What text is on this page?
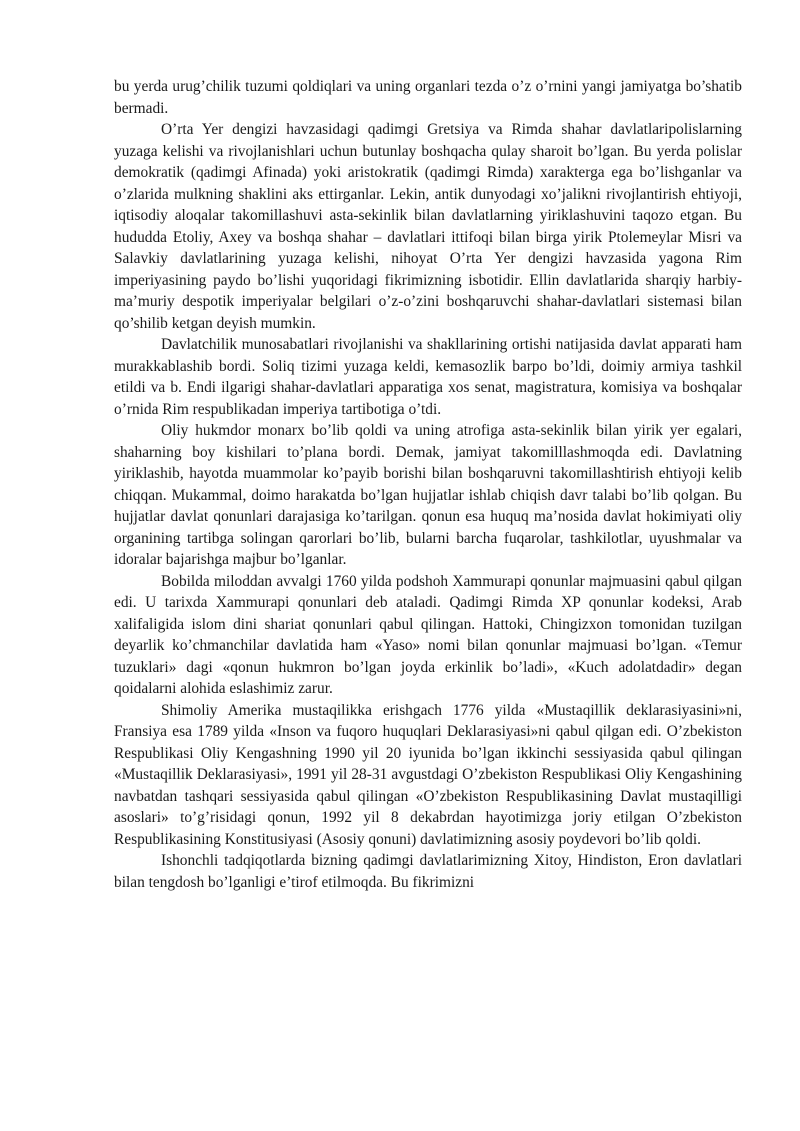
bu yerda urug’chilik tuzumi qoldiqlari va uning organlari tezda o’z o’rnini yangi jamiyatga bo’shatib bermadi.

O’rta Yer dengizi havzasidagi qadimgi Gretsiya va Rimda shahar davlatlaripolislarning yuzaga kelishi va rivojlanishlari uchun butunlay boshqacha qulay sharoit bo’lgan. Bu yerda polislar demokratik (qadimgi Afinada) yoki aristokratik (qadimgi Rimda) xarakterga ega bo’lishganlar va o’zlarida mulkning shaklini aks ettirganlar. Lekin, antik dunyodagi xo’jalikni rivojlantirish ehtiyoji, iqtisodiy aloqalar takomillashuvi asta-sekinlik bilan davlatlarning yiriklashuvini taqozo etgan. Bu hududda Etoliy, Axey va boshqa shahar – davlatlari ittifoqi bilan birga yirik Ptolemeylar Misri va Salavkiy davlatlarining yuzaga kelishi, nihoyat O’rta Yer dengizi havzasida yagona Rim imperiyasining paydo bo’lishi yuqoridagi fikrimizning isbotidir. Ellin davlatlarida sharqiy harbiy-ma’muriy despotik imperiyalar belgilari o’z-o’zini boshqaruvchi shahar-davlatlari sistemasi bilan qo’shilib ketgan deyish mumkin.

Davlatchilik munosabatlari rivojlanishi va shakllarining ortishi natijasida davlat apparati ham murakkablashib bordi. Soliq tizimi yuzaga keldi, kemasozlik barpo bo’ldi, doimiy armiya tashkil etildi va b. Endi ilgarigi shahar-davlatlari apparatiga xos senat, magistratura, komisiya va boshqalar o’rnida Rim respublikadan imperiya tartibotiga o’tdi.

Oliy hukmdor monarx bo’lib qoldi va uning atrofiga asta-sekinlik bilan yirik yer egalari, shaharning boy kishilari to’plana bordi. Demak, jamiyat takomilllashmoqda edi. Davlatning yiriklashib, hayotda muammolar ko’payib borishi bilan boshqaruvni takomillashtirish ehtiyoji kelib chiqqan. Mukammal, doimo harakatda bo’lgan hujjatlar ishlab chiqish davr talabi bo’lib qolgan. Bu hujjatlar davlat qonunlari darajasiga ko’tarilgan. qonun esa huquq ma’nosida davlat hokimiyati oliy organining tartibga solingan qarorlari bo’lib, bularni barcha fuqarolar, tashkilotlar, uyushmalar va idoralar bajarishga majbur bo’lganlar.

Bobilda miloddan avvalgi 1760 yilda podshoh Xammurapi qonunlar majmuasini qabul qilgan edi. U tarixda Xammurapi qonunlari deb ataladi. Qadimgi Rimda XP qonunlar kodeksi, Arab xalifaligida islom dini shariat qonunlari qabul qilingan. Hattoki, Chingizxon tomonidan tuzilgan deyarlik ko’chmanchilar davlatida ham «Yaso» nomi bilan qonunlar majmuasi bo’lgan. «Temur tuzuklari» dagi «qonun hukmron bo’lgan joyda erkinlik bo’ladi», «Kuch adolatdadir» degan qoidalarni alohida eslashimiz zarur.

Shimoliy Amerika mustaqilikka erishgach 1776 yilda «Mustaqillik deklarasiyasini»ni, Fransiya esa 1789 yilda «Inson va fuqoro huquqlari Deklarasiyasi»ni qabul qilgan edi. O’zbekiston Respublikasi Oliy Kengashning 1990 yil 20 iyunida bo’lgan ikkinchi sessiyasida qabul qilingan «Mustaqillik Deklarasiyasi», 1991 yil 28-31 avgustdagi O’zbekiston Respublikasi Oliy Kengashining navbatdan tashqari sessiyasida qabul qilingan «O’zbekiston Respublikasining Davlat mustaqilligi asoslari» to’g’risidagi qonun, 1992 yil 8 dekabrdan hayotimizga joriy etilgan O’zbekiston Respublikasining Konstitusiyasi (Asosiy qonuni) davlatimizning asosiy poydevori bo’lib qoldi.

Ishonchli tadqiqotlarda bizning qadimgi davlatlarimizning Xitoy, Hindiston, Eron davlatlari bilan tengdosh bo’lganligi e’tirof etilmoqda. Bu fikrimizni
